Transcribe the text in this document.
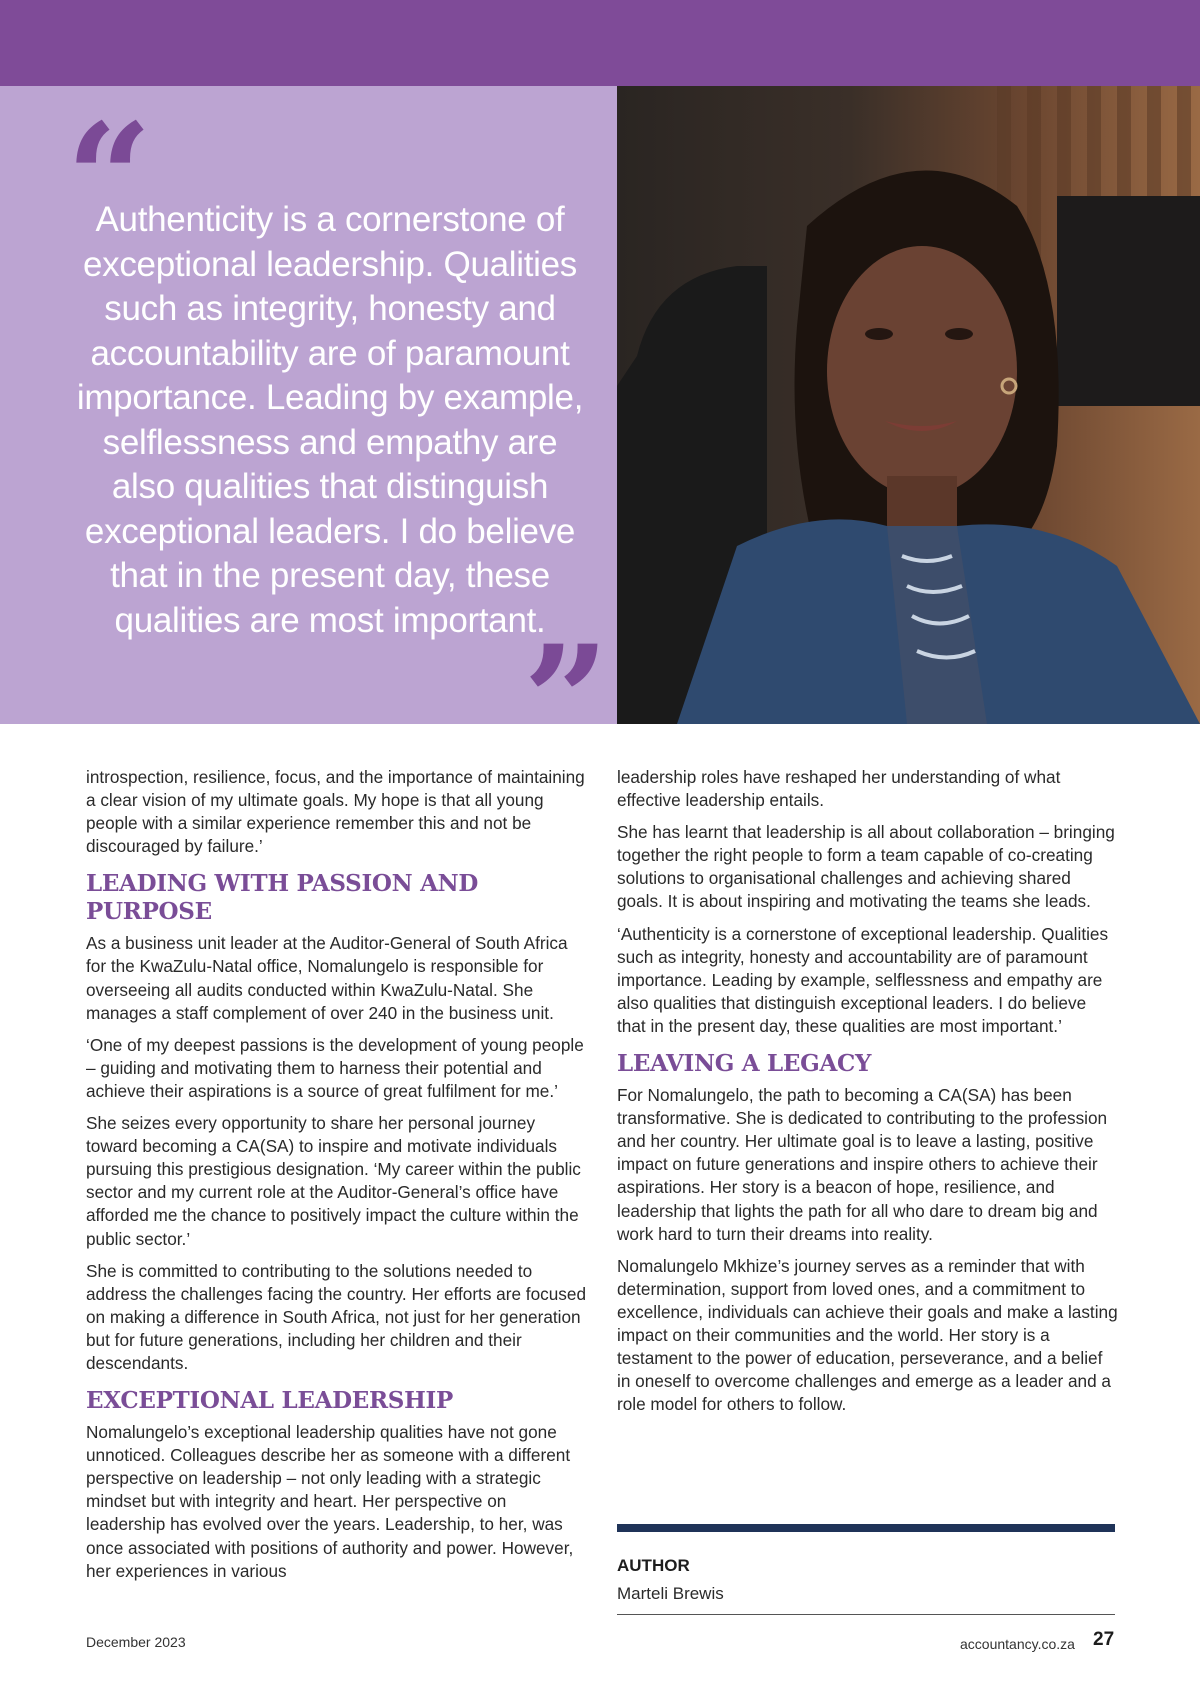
“
Authenticity is a cornerstone of exceptional leadership. Qualities such as integrity, honesty and accountability are of paramount importance. Leading by example, selflessness and empathy are also qualities that distinguish exceptional leaders. I do believe that in the present day, these qualities are most important.
”

introspection, resilience, focus, and the importance of maintaining a clear vision of my ultimate goals. My hope is that all young people with a similar experience remember this and not be discouraged by failure.’

LEADING WITH PASSION AND PURPOSE

As a business unit leader at the Auditor-General of South Africa for the KwaZulu-Natal office, Nomalungelo is responsible for overseeing all audits conducted within KwaZulu-Natal. She manages a staff complement of over 240 in the business unit.

‘One of my deepest passions is the development of young people – guiding and motivating them to harness their potential and achieve their aspirations is a source of great fulfilment for me.’

She seizes every opportunity to share her personal journey toward becoming a CA(SA) to inspire and motivate individuals pursuing this prestigious designation. ‘My career within the public sector and my current role at the Auditor-General’s office have afforded me the chance to positively impact the culture within the public sector.’

She is committed to contributing to the solutions needed to address the challenges facing the country. Her efforts are focused on making a difference in South Africa, not just for her generation but for future generations, including her children and their descendants.

EXCEPTIONAL LEADERSHIP

Nomalungelo’s exceptional leadership qualities have not gone unnoticed. Colleagues describe her as someone with a different perspective on leadership – not only leading with a strategic mindset but with integrity and heart. Her perspective on leadership has evolved over the years. Leadership, to her, was once associated with positions of authority and power. However, her experiences in various

leadership roles have reshaped her understanding of what effective leadership entails.

She has learnt that leadership is all about collaboration – bringing together the right people to form a team capable of co-creating solutions to organisational challenges and achieving shared goals. It is about inspiring and motivating the teams she leads.

‘Authenticity is a cornerstone of exceptional leadership. Qualities such as integrity, honesty and accountability are of paramount importance. Leading by example, selflessness and empathy are also qualities that distinguish exceptional leaders. I do believe that in the present day, these qualities are most important.’

LEAVING A LEGACY

For Nomalungelo, the path to becoming a CA(SA) has been transformative. She is dedicated to contributing to the profession and her country. Her ultimate goal is to leave a lasting, positive impact on future generations and inspire others to achieve their aspirations. Her story is a beacon of hope, resilience, and leadership that lights the path for all who dare to dream big and work hard to turn their dreams into reality.

Nomalungelo Mkhize’s journey serves as a reminder that with determination, support from loved ones, and a commitment to excellence, individuals can achieve their goals and make a lasting impact on their communities and the world. Her story is a testament to the power of education, perseverance, and a belief in oneself to overcome challenges and emerge as a leader and a role model for others to follow.

AUTHOR
Marteli Brewis
December 2023	accountancy.co.za 27
